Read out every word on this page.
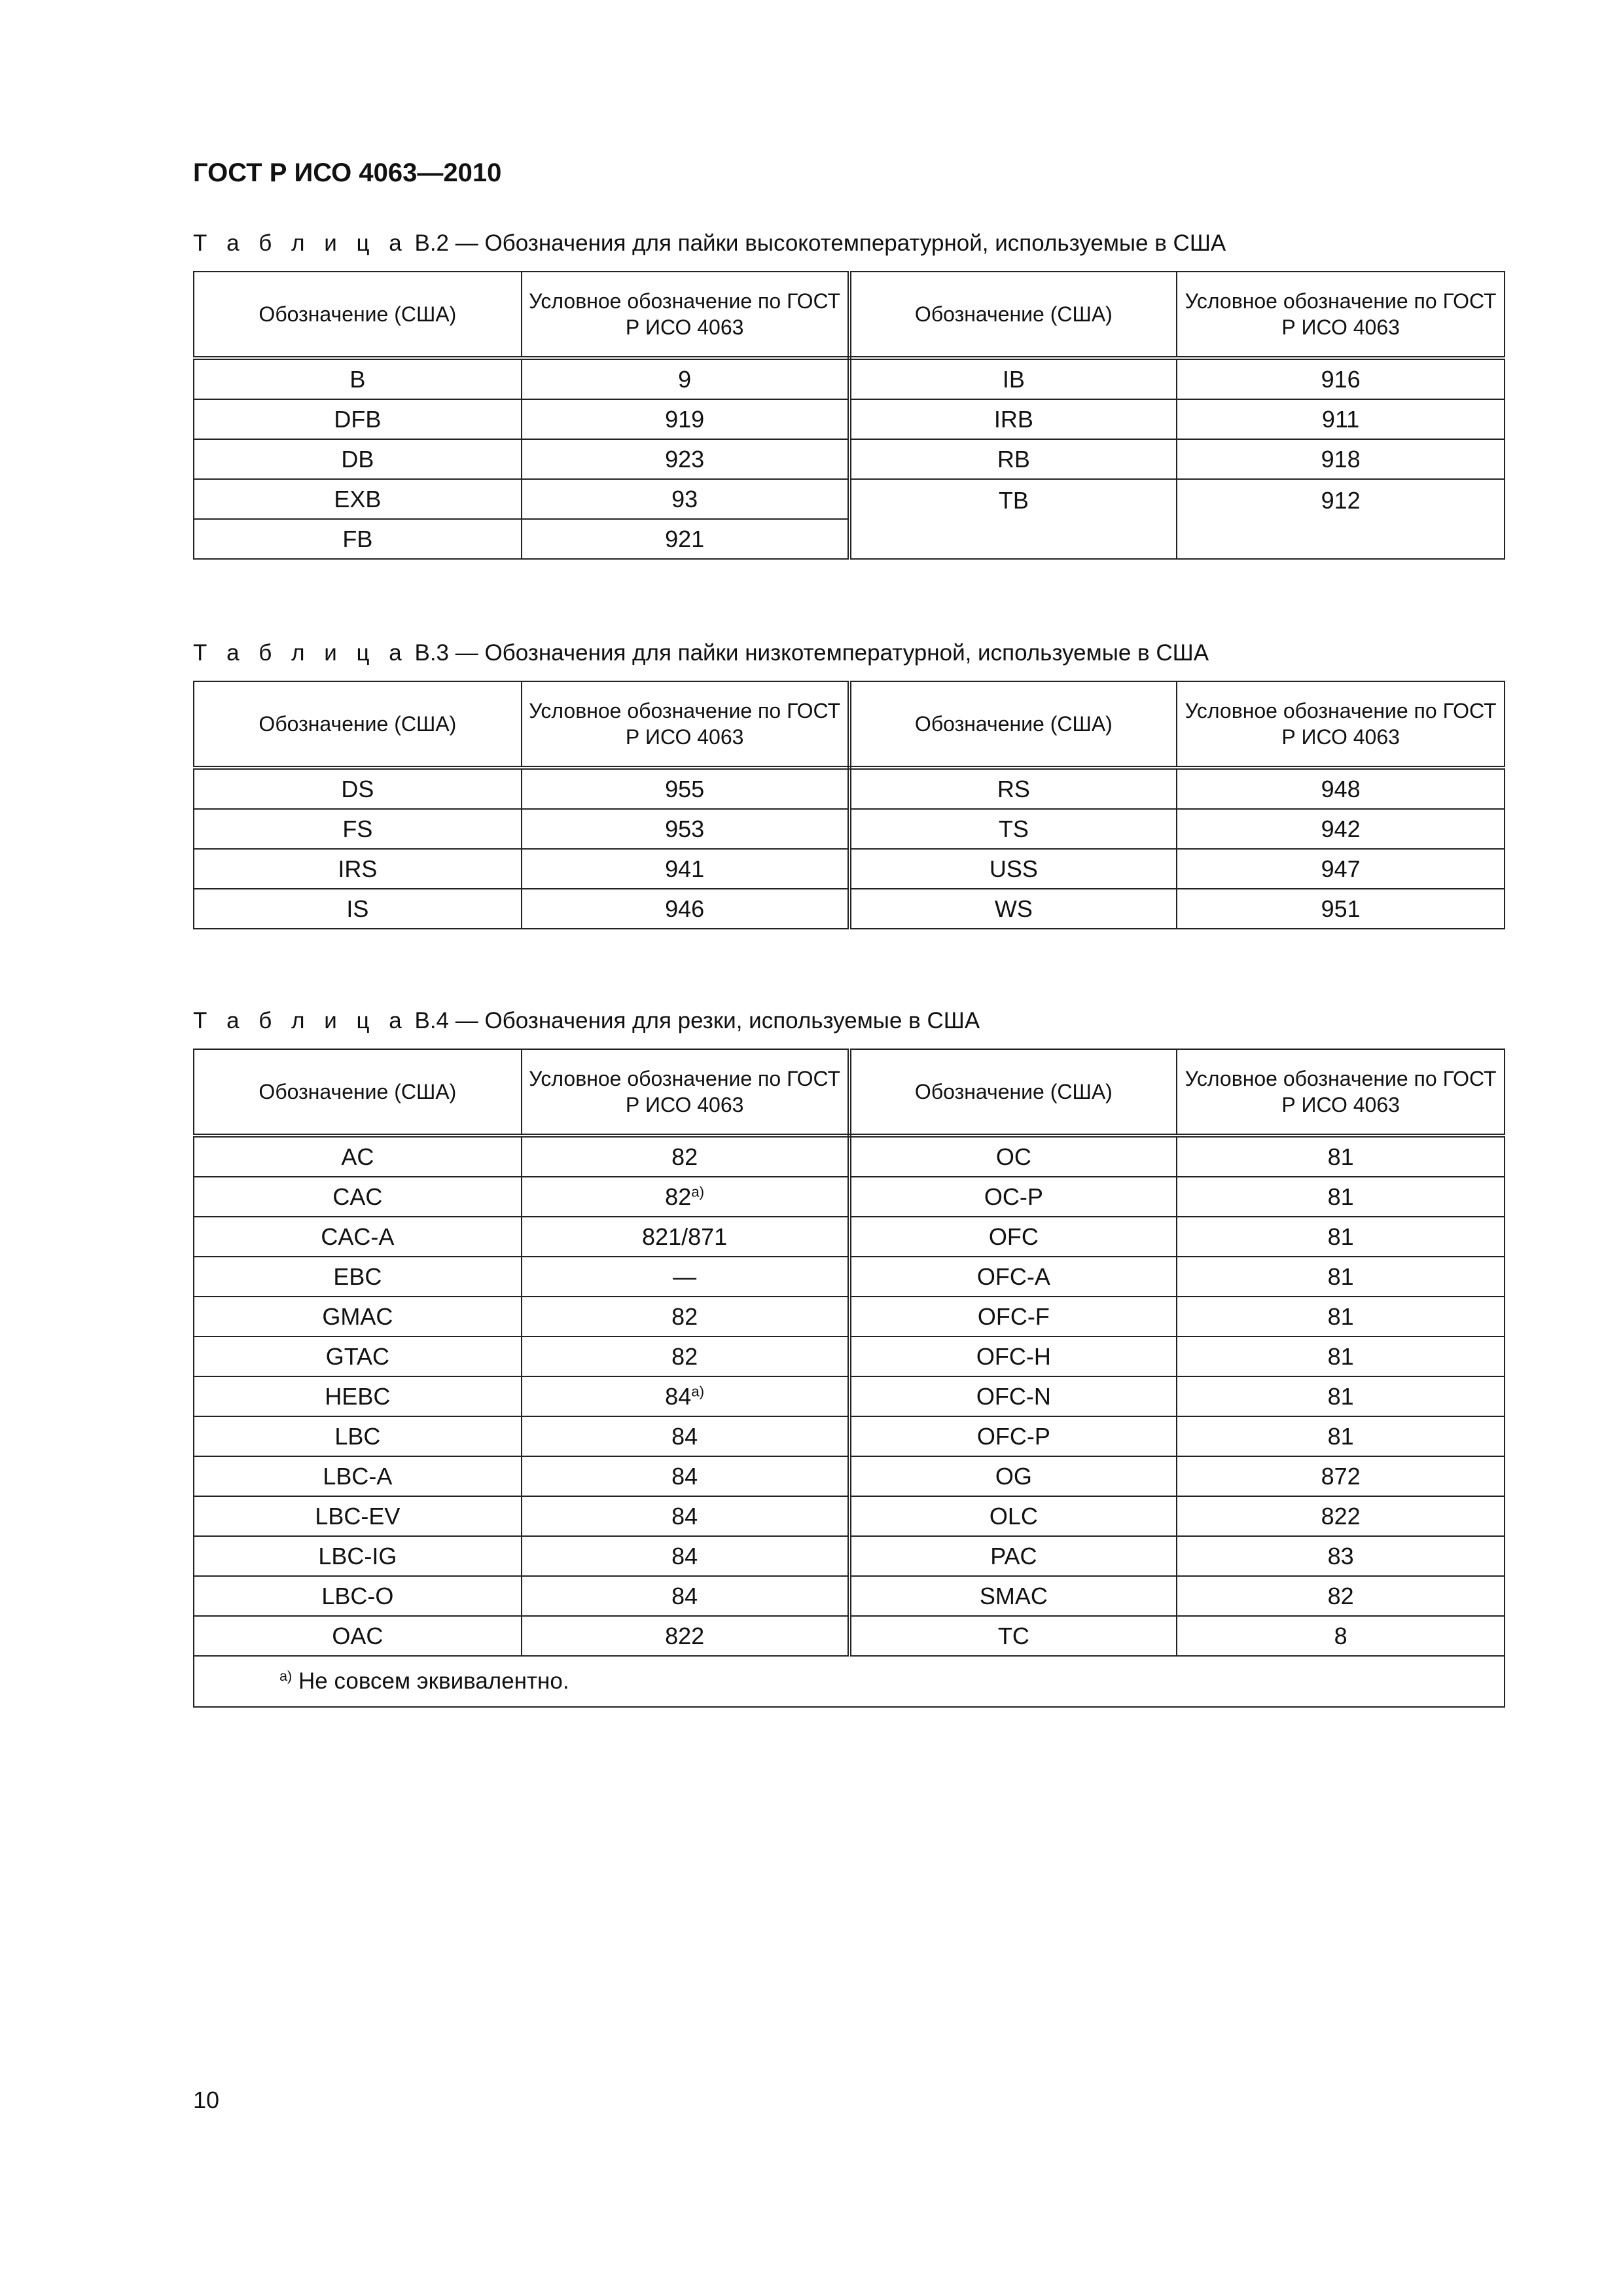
ГОСТ Р ИСО 4063—2010
Т а б л и ц а В.2 — Обозначения для пайки высокотемпературной, используемые в США
Обозначение (США)	Условное обозначение по ГОСТ Р ИСО 4063	Обозначение (США)	Условное обозначение по ГОСТ Р ИСО 4063
B	9	IB	916
DFB	919	IRB	911
DB	923	RB	918
EXB	93	TB	912
FB	921		
Т а б л и ц а В.3 — Обозначения для пайки низкотемпературной, используемые в США
Обозначение (США)	Условное обозначение по ГОСТ Р ИСО 4063	Обозначение (США)	Условное обозначение по ГОСТ Р ИСО 4063
DS	955	RS	948
FS	953	TS	942
IRS	941	USS	947
IS	946	WS	951
Т а б л и ц а В.4 — Обозначения для резки, используемые в США
Обозначение (США)	Условное обозначение по ГОСТ Р ИСО 4063	Обозначение (США)	Условное обозначение по ГОСТ Р ИСО 4063
AC	82	OC	81
CAC	82$^{a)}$	OC-P	81
CAC-A	821/871	OFC	81
EBC	—	OFC-A	81
GMAC	82	OFC-F	81
GTAC	82	OFC-H	81
HEBC	84$^{a)}$	OFC-N	81
LBC	84	OFC-P	81
LBC-A	84	OG	872
LBC-EV	84	OLC	822
LBC-IG	84	PAC	83
LBC-O	84	SMAC	82
OAC	822	TC	8
$^{a)}$ Не совсем эквивалентно.			
10
